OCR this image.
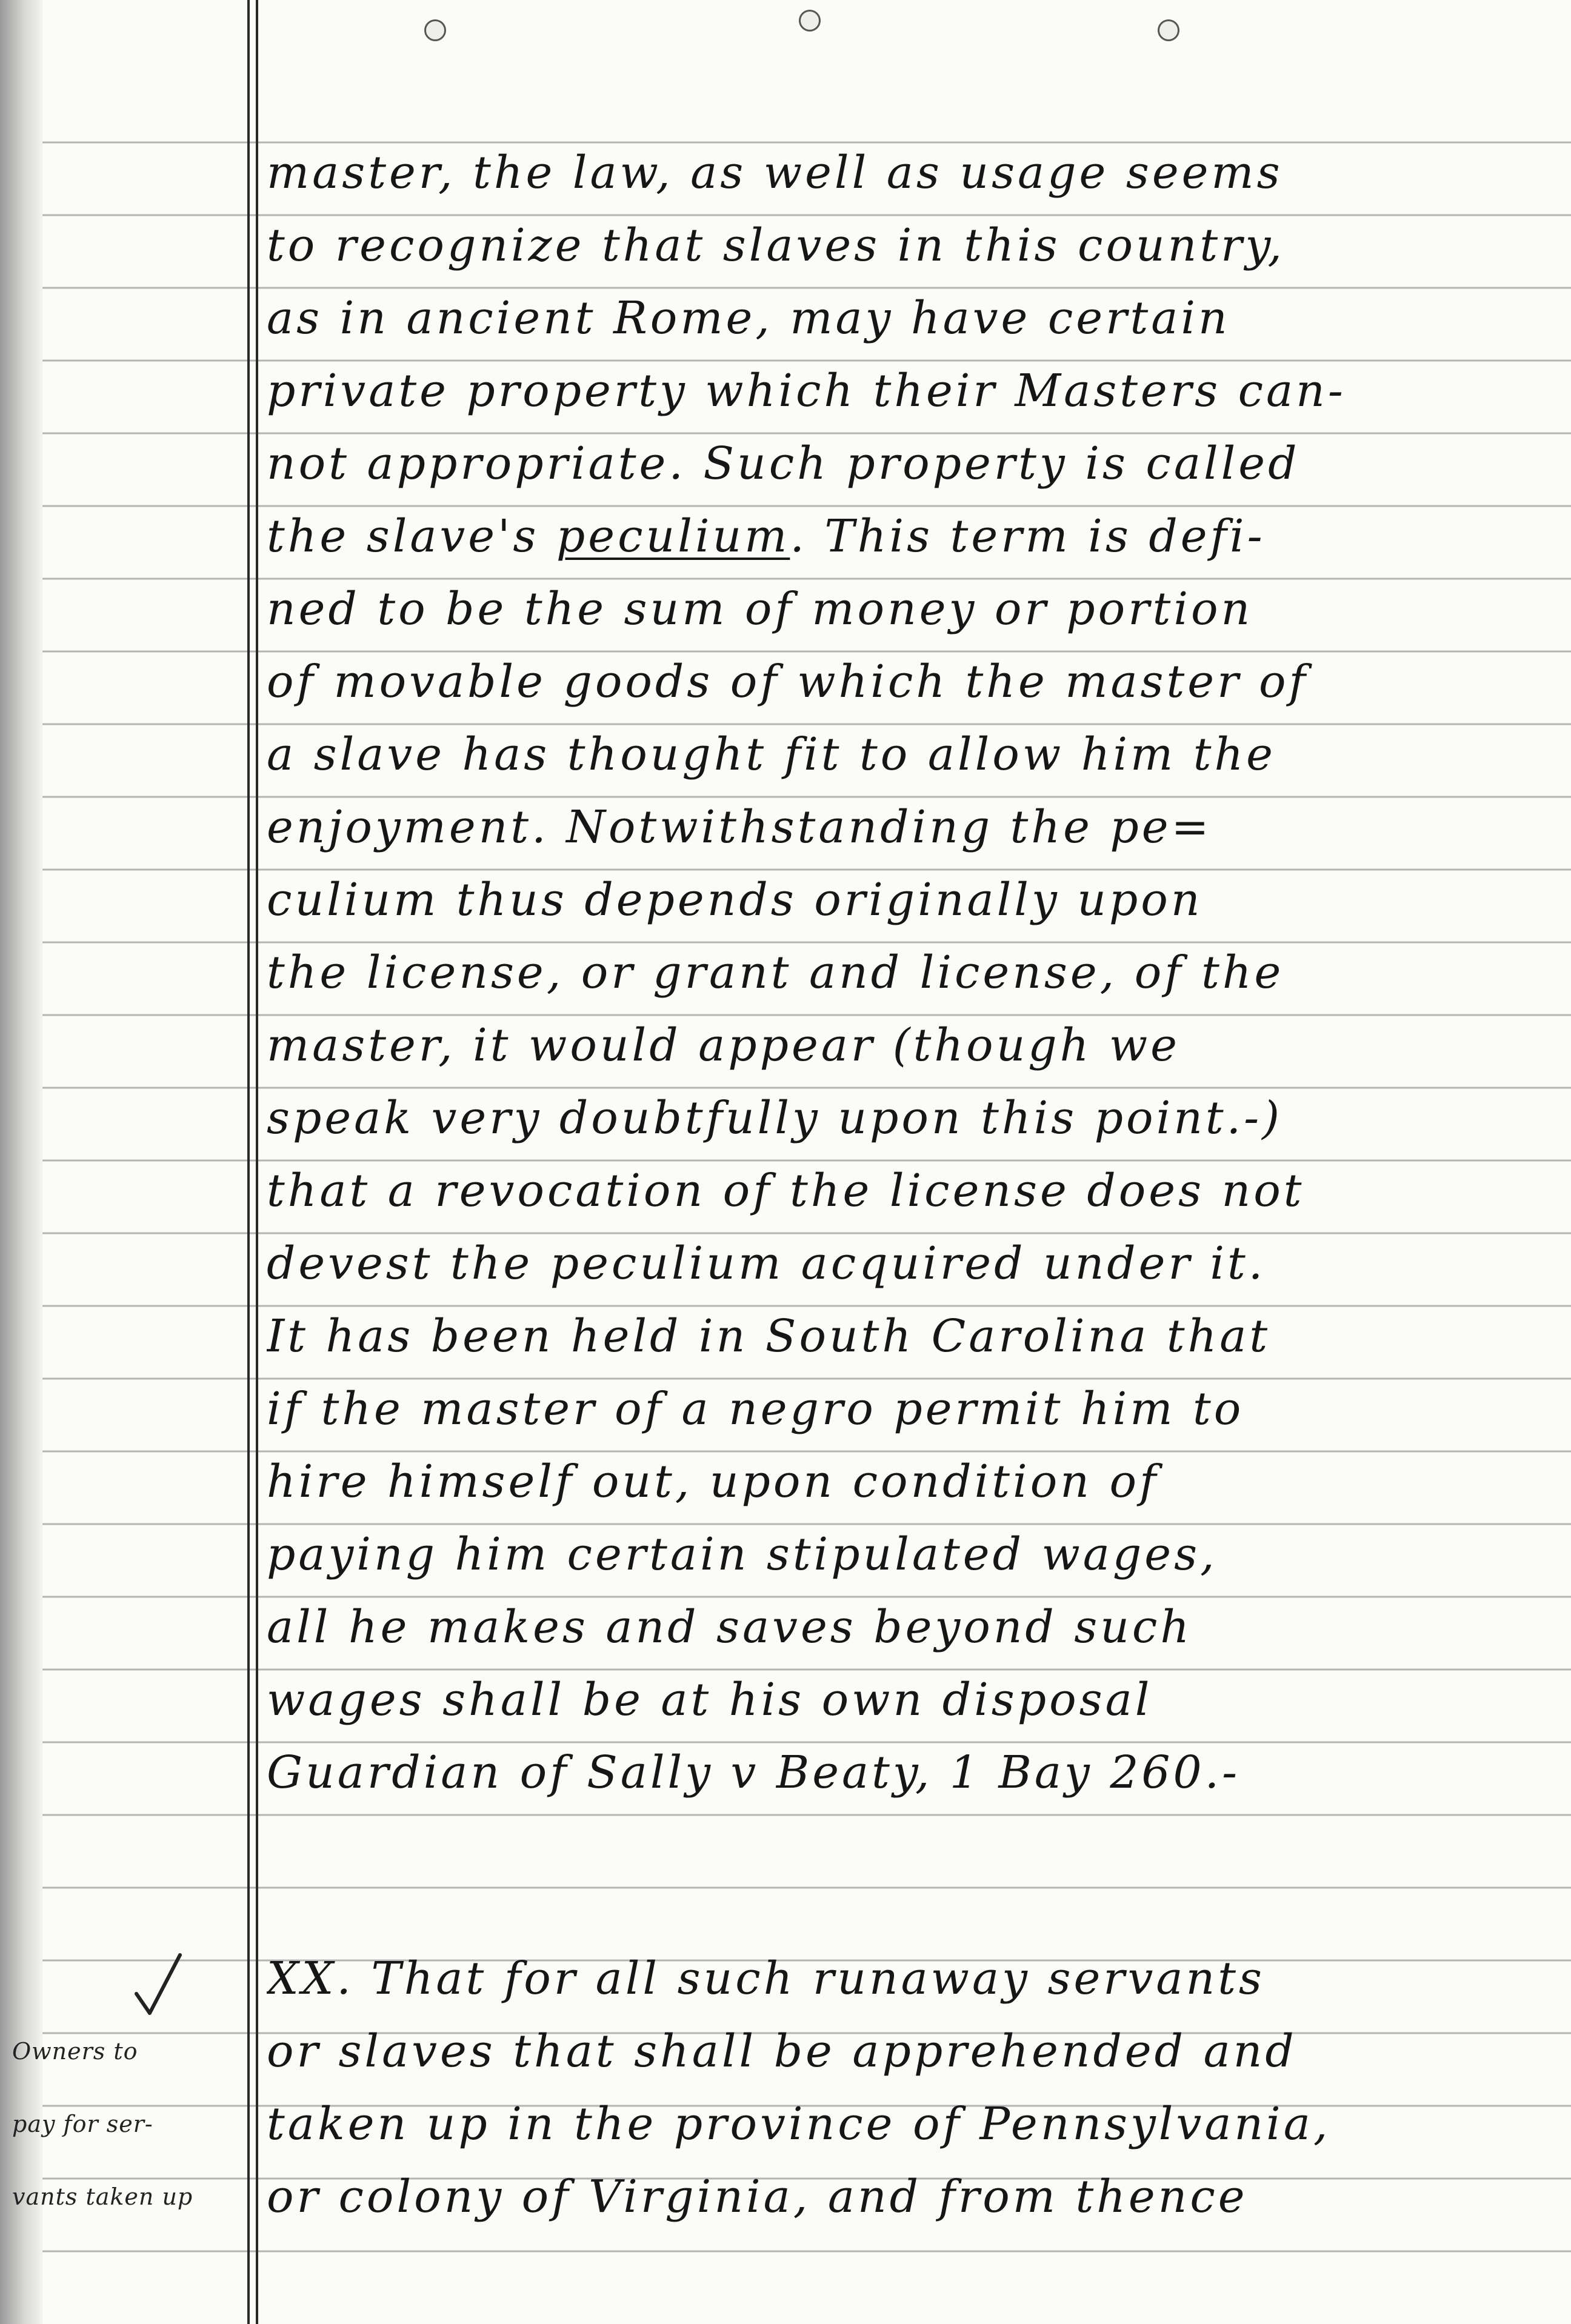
master, the law, as well as usage seems
to recognize that slaves in this country,
as in ancient Rome, may have certain
private property which their Masters can-
not appropriate. Such property is called
the slave's peculium. This term is defi-
ned to be the sum of money or portion
of movable goods of which the master of
a slave has thought fit to allow him the
enjoyment. Notwithstanding the pe=
culium thus depends originally upon
the license, or grant and license, of the
master, it would appear (though we
speak very doubtfully upon this point.-)
that a revocation of the license does not
devest the peculium acquired under it.
It has been held in South Carolina that
if the master of a negro permit him to
hire himself out, upon condition of
paying him certain stipulated wages,
all he makes and saves beyond such
wages shall be at his own disposal
Guardian of Sally v Beaty, 1 Bay 260.-
XX. That for all such runaway servants
or slaves that shall be apprehended and
taken up in the province of Pennsylvania,
or colony of Virginia, and from thence
Owners to
pay for ser-
vants taken up
